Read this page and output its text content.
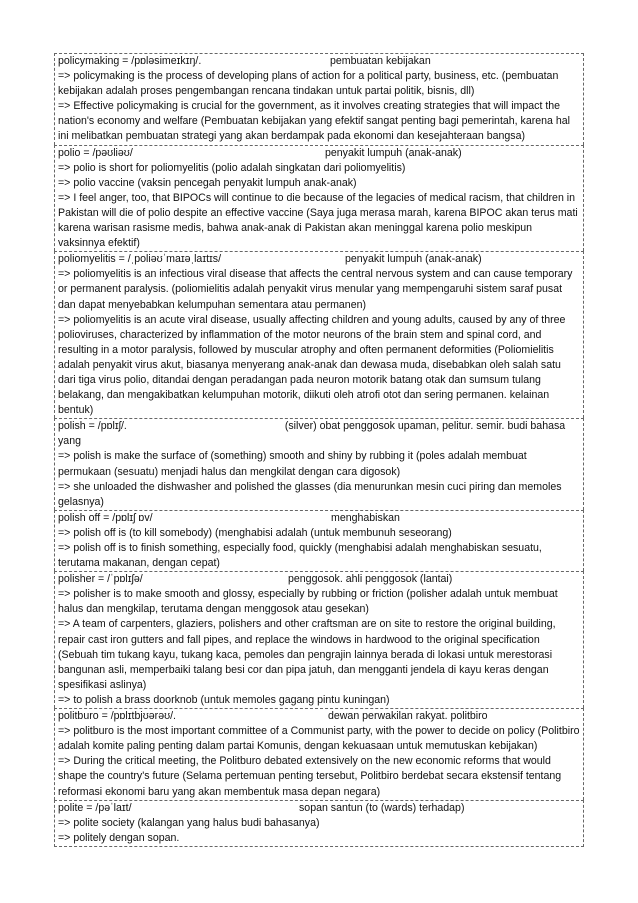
policymaking = /pɒləsimeɪkɪŋ/.	pembuatan kebijakan
=> policymaking is the process of developing plans of action for a political party, business, etc. (pembuatan kebijakan adalah proses pengembangan rencana tindakan untuk partai politik, bisnis, dll)
=> Effective policymaking is crucial for the government, as it involves creating strategies that will impact the nation's economy and welfare (Pembuatan kebijakan yang efektif sangat penting bagi pemerintah, karena hal ini melibatkan pembuatan strategi yang akan berdampak pada ekonomi dan kesejahteraan bangsa)
polio = /pəʊliəʊ/	penyakit lumpuh (anak-anak)
=> polio is short for poliomyelitis (polio adalah singkatan dari poliomyelitis)
=> polio vaccine (vaksin pencegah penyakit lumpuh anak-anak)
=> I feel anger, too, that BIPOCs will continue to die because of the legacies of medical racism, that children in Pakistan will die of polio despite an effective vaccine (Saya juga merasa marah, karena BIPOC akan terus mati karena warisan rasisme medis, bahwa anak-anak di Pakistan akan meninggal karena polio meskipun vaksinnya efektif)
poliomyelitis = /ˌpoliəʊˈmaɪəˌlaɪtɪs/	penyakit lumpuh (anak-anak)
=> poliomyelitis is an infectious viral disease that affects the central nervous system and can cause temporary or permanent paralysis. (poliomielitis adalah penyakit virus menular yang mempengaruhi sistem saraf pusat dan dapat menyebabkan kelumpuhan sementara atau permanen)
=> poliomyelitis is an acute viral disease, usually affecting children and young adults, caused by any of three polioviruses, characterized by inflammation of the motor neurons of the brain stem and spinal cord, and resulting in a motor paralysis, followed by muscular atrophy and often permanent deformities (Poliomielitis adalah penyakit virus akut, biasanya menyerang anak-anak dan dewasa muda, disebabkan oleh salah satu dari tiga virus polio, ditandai dengan peradangan pada neuron motorik batang otak dan sumsum tulang belakang, dan mengakibatkan kelumpuhan motorik, diikuti oleh atrofi otot dan sering permanen. kelainan bentuk)
polish = /pɒlɪʃ/.	(silver) obat penggosok upaman, pelitur. semir. budi bahasa yang
=> polish is make the surface of (something) smooth and shiny by rubbing it (poles adalah membuat permukaan (sesuatu) menjadi halus dan mengkilat dengan cara digosok)
=> she unloaded the dishwasher and polished the glasses (dia menurunkan mesin cuci piring dan memoles gelasnya)
polish off = /pɒlɪʃ ɒv/	menghabiskan
=> polish off is (to kill somebody) (menghabisi adalah (untuk membunuh seseorang)
=> polish off is to finish something, especially food, quickly (menghabisi adalah menghabiskan sesuatu, terutama makanan, dengan cepat)
polisher = /ˈpɒlɪʃə/	penggosok. ahli penggosok (lantai)
=> polisher is to make smooth and glossy, especially by rubbing or friction (polisher adalah untuk membuat halus dan mengkilap, terutama dengan menggosok atau gesekan)
=> A team of carpenters, glaziers, polishers and other craftsman are on site to restore the original building, repair cast iron gutters and fall pipes, and replace the windows in hardwood to the original specification (Sebuah tim tukang kayu, tukang kaca, pemoles dan pengrajin lainnya berada di lokasi untuk merestorasi bangunan asli, memperbaiki talang besi cor dan pipa jatuh, dan mengganti jendela di kayu keras dengan spesifikasi aslinya)
=> to polish a brass doorknob (untuk memoles gagang pintu kuningan)
politburo = /pɒlɪtbjʊərəʊ/.	dewan perwakilan rakyat. politbiro
=> politburo is the most important committee of a Communist party, with the power to decide on policy (Politbiro adalah komite paling penting dalam partai Komunis, dengan kekuasaan untuk memutuskan kebijakan)
=> During the critical meeting, the Politburo debated extensively on the new economic reforms that would shape the country's future (Selama pertemuan penting tersebut, Politbiro berdebat secara ekstensif tentang reformasi ekonomi baru yang akan membentuk masa depan negara)
polite = /pəˈlaɪt/	sopan santun (to (wards) terhadap)
=> polite society (kalangan yang halus budi bahasanya)
=> politely dengan sopan.
